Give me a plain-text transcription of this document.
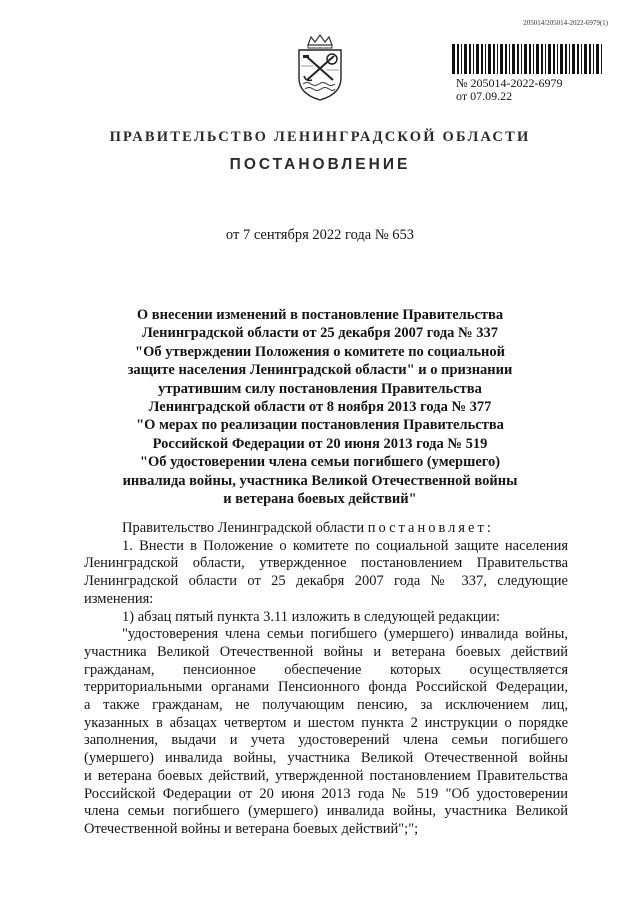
205014/205014-2022-6979(1)
№ 205014-2022-6979
от 07.09.22
ПРАВИТЕЛЬСТВО ЛЕНИНГРАДСКОЙ ОБЛАСТИ
ПОСТАНОВЛЕНИЕ
от 7 сентября 2022 года № 653
О внесении изменений в постановление Правительства
Ленинградской области от 25 декабря 2007 года № 337
"Об утверждении Положения о комитете по социальной
защите населения Ленинградской области" и о признании
утратившим силу постановления Правительства
Ленинградской области от 8 ноября 2013 года № 377
"О мерах по реализации постановления Правительства
Российской Федерации от 20 июня 2013 года № 519
"Об удостоверении члена семьи погибшего (умершего)
инвалида войны, участника Великой Отечественной войны
и ветерана боевых действий"
Правительство Ленинградской области постановляет:
1. Внести в Положение о комитете по социальной защите населения
Ленинградской области, утвержденное постановлением Правительства
Ленинградской области от 25 декабря 2007 года № 337, следующие
изменения:
1) абзац пятый пункта 3.11 изложить в следующей редакции:
"удостоверения члена семьи погибшего (умершего) инвалида войны,
участника Великой Отечественной войны и ветерана боевых действий
гражданам, пенсионное обеспечение которых осуществляется
территориальными органами Пенсионного фонда Российской Федерации,
а также гражданам, не получающим пенсию, за исключением лиц,
указанных в абзацах четвертом и шестом пункта 2 инструкции о порядке
заполнения, выдачи и учета удостоверений члена семьи погибшего
(умершего) инвалида войны, участника Великой Отечественной войны
и ветерана боевых действий, утвержденной постановлением Правительства
Российской Федерации от 20 июня 2013 года № 519 "Об удостоверении
члена семьи погибшего (умершего) инвалида войны, участника Великой
Отечественной войны и ветерана боевых действий";";
